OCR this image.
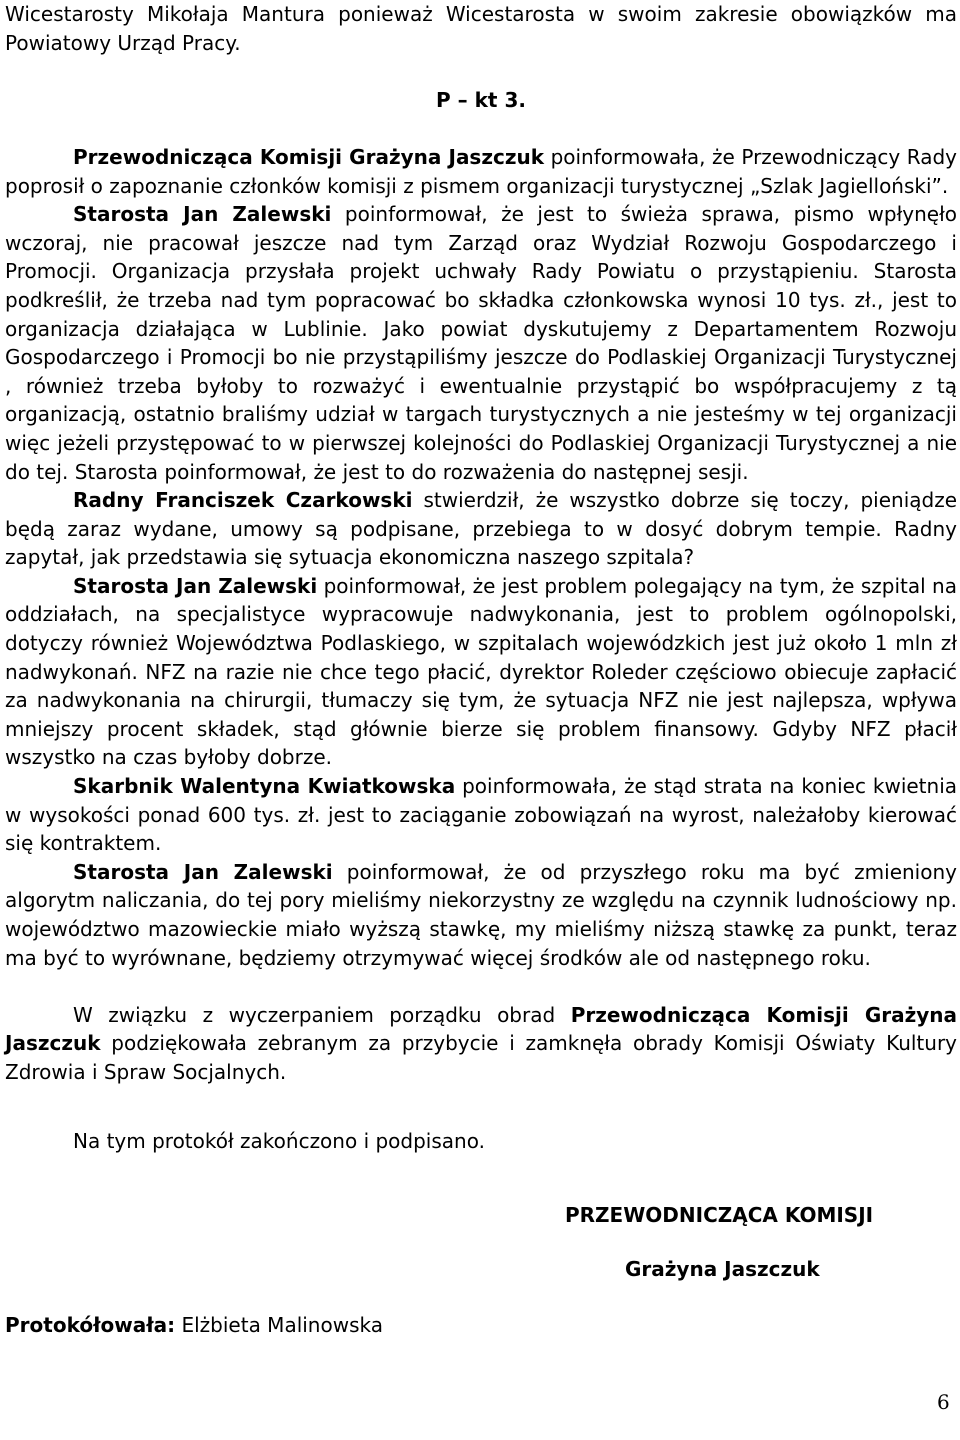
Wicestarosty Mikołaja Mantura ponieważ Wicestarosta w swoim zakresie obowiązków ma Powiatowy Urząd Pracy.

P – kt 3.

Przewodnicząca Komisji Grażyna Jaszczuk poinformowała, że Przewodniczący Rady poprosił o zapoznanie członków komisji z pismem organizacji turystycznej „Szlak Jagielloński”.

Starosta Jan Zalewski poinformował, że jest to świeża sprawa, pismo wpłynęło wczoraj, nie pracował jeszcze nad tym Zarząd oraz Wydział Rozwoju Gospodarczego i Promocji. Organizacja przysłała projekt uchwały Rady Powiatu o przystąpieniu. Starosta podkreślił, że trzeba nad tym popracować bo składka członkowska wynosi 10 tys. zł., jest to organizacja działająca w Lublinie. Jako powiat dyskutujemy z Departamentem Rozwoju Gospodarczego i Promocji bo nie przystąpiliśmy jeszcze do Podlaskiej Organizacji Turystycznej , również trzeba byłoby to rozważyć i ewentualnie przystąpić bo współpracujemy z tą organizacją, ostatnio braliśmy udział w targach turystycznych a nie jesteśmy w tej organizacji więc jeżeli przystępować to w pierwszej kolejności do Podlaskiej Organizacji Turystycznej a nie do tej. Starosta poinformował, że jest to do rozważenia do następnej sesji.

Radny Franciszek Czarkowski stwierdził, że wszystko dobrze się toczy, pieniądze będą zaraz wydane, umowy są podpisane, przebiega to w dosyć dobrym tempie. Radny zapytał, jak przedstawia się sytuacja ekonomiczna naszego szpitala?

Starosta Jan Zalewski poinformował, że jest problem polegający na tym, że szpital na oddziałach, na specjalistyce wypracowuje nadwykonania, jest to problem ogólnopolski, dotyczy również Województwa Podlaskiego, w szpitalach wojewódzkich jest już około 1 mln zł nadwykonań. NFZ na razie nie chce tego płacić, dyrektor Roleder częściowo obiecuje zapłacić za nadwykonania na chirurgii, tłumaczy się tym, że sytuacja NFZ nie jest najlepsza, wpływa mniejszy procent składek, stąd głównie bierze się problem finansowy. Gdyby NFZ płacił wszystko na czas byłoby dobrze.

Skarbnik Walentyna Kwiatkowska poinformowała, że stąd strata na koniec kwietnia w wysokości ponad 600 tys. zł. jest to zaciąganie zobowiązań na wyrost, należałoby kierować się kontraktem.

Starosta Jan Zalewski poinformował, że od przyszłego roku ma być zmieniony algorytm naliczania, do tej pory mieliśmy niekorzystny ze względu na czynnik ludnościowy np. województwo mazowieckie miało wyższą stawkę, my mieliśmy niższą stawkę za punkt, teraz ma być to wyrównane, będziemy otrzymywać więcej środków ale od następnego roku.

W związku z wyczerpaniem porządku obrad Przewodnicząca Komisji Grażyna Jaszczuk podziękowała zebranym za przybycie i zamknęła obrady Komisji Oświaty Kultury Zdrowia i Spraw Socjalnych.

Na tym protokół zakończono i podpisano.

PRZEWODNICZĄCA KOMISJI
Grażyna Jaszczuk
Protokółowała: Elżbieta Malinowska
6
